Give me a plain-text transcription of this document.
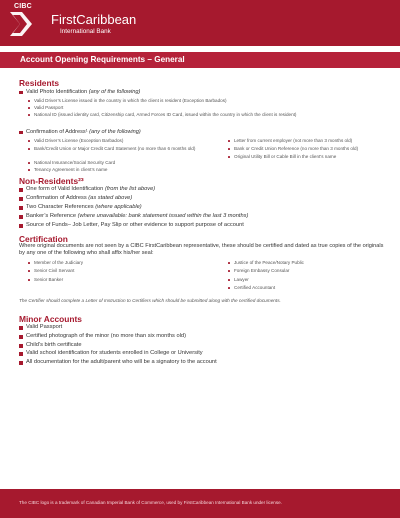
CIBC
FirstCaribbean
International Bank
Account Opening Requirements – General
Residents
Valid Photo Identification (any of the following)
Valid Driver’s License issued in the country in which the client is resident (Exception Barbados)
Valid Passport
National ID (issued identity card, Citizenship card, Armed Forces ID Card, issued within the country in which the client is resident)
Confirmation of Address¹ (any of the following)
Valid Driver’s License (Exception Barbados)
Bank/Credit Union or Major Credit Card Statement (no more than 6 months old)
National Insurance/Social Security Card
Tenancy Agreement in client’s name
Letter from current employer (not more than 3 months old)
Bank or Credit Union Reference (no more than 3 months old)
Original Utility Bill or Cable Bill in the client’s name
Non-Residents²³
One form of Valid Identification (from the list above)
Confirmation of Address (as stated above)
Two Character References (where applicable)
Banker’s Reference (where unavailable: bank statement issued within the last 3 months)
Source of Funds– Job Letter, Pay Slip or other evidence to support purpose of account
Certification
Where original documents are not seen by a CIBC FirstCaribbean representative, these should be certified and dated as true copies of the originals by any one of the following who shall affix his/her seal:
Member of the Judiciary
Senior Civil Servant
Senior Banker
Justice of the Peace/Notary Public
Foreign Embassy Consular
Lawyer
Certified Accountant
The Certifier should complete a Letter of Instruction to Certifiers which should be submitted along with the certified documents.
Minor Accounts
Valid Passport
Certified photograph of the minor (no more than six months old)
Child’s birth certificate
Valid school identification for students enrolled in College or University
All documentation for the adult/parent who will be a signatory to the account
The CIBC logo is a trademark of Canadian Imperial Bank of Commerce, used by FirstCaribbean International Bank under license.
